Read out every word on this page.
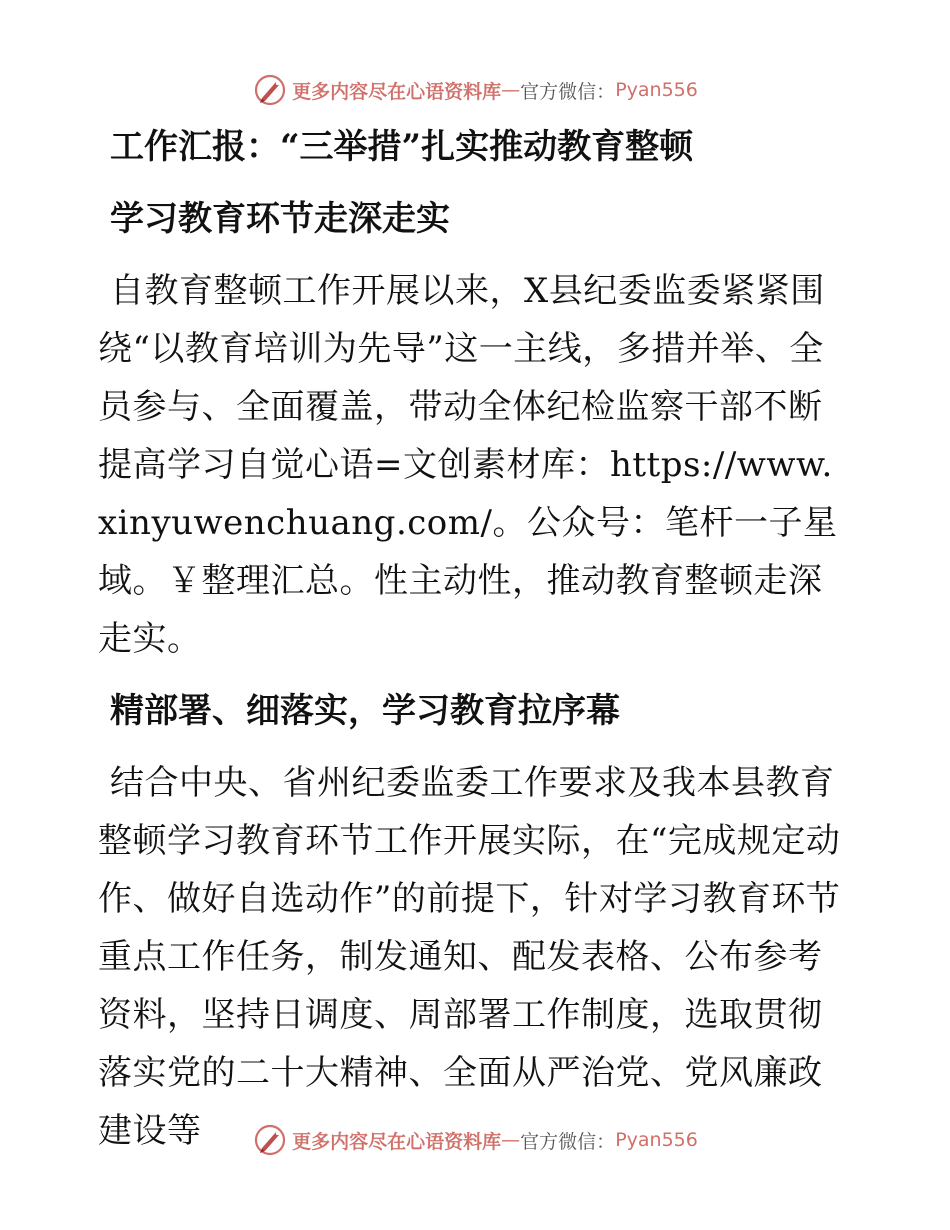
更多内容尽在心语资料库 — 官方微信： Pyan556
工作汇报：“三举措”扎实推动教育整顿
学习教育环节走深走实

自教育整顿工作开展以来，X县纪委监委紧紧围绕“以教育培训为先导”这一主线，多措并举、全员参与、全面覆盖，带动全体纪检监察干部不断提高学习自觉心语=文创素材库：https://www.xinyuwenchuang.com/。公众号：笔杆一子星域。￥整理汇总。性主动性，推动教育整顿走深走实。

精部署、细落实，学习教育拉序幕

结合中央、省州纪委监委工作要求及我本县教育整顿学习教育环节工作开展实际，在“完成规定动作、做好自选动作”的前提下，针对学习教育环节重点工作任务，制发通知、配发表格、公布参考资料，坚持日调度、周部署工作制度，选取贯彻落实党的二十大精神、全面从严治党、党风廉政建设等	更多内容尽在心语资料库 — 官方微信： Pyan556
